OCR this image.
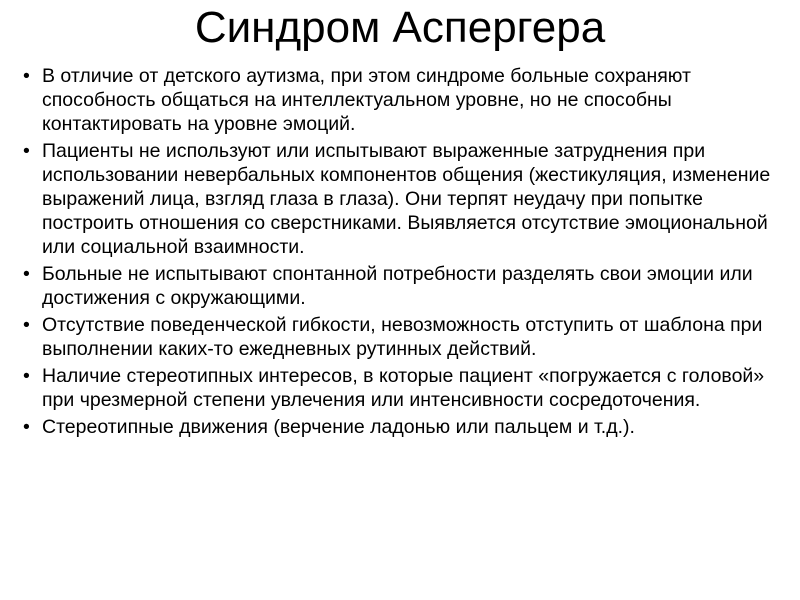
Синдром Аспергера
• В отличие от детского аутизма, при этом синдроме больные сохраняют способность общаться на интеллектуальном уровне, но не способны контактировать на уровне эмоций.
• Пациенты не используют или испытывают выраженные затруднения при использовании невербальных компонентов общения (жестикуляция, изменение выражений лица, взгляд глаза в глаза). Они терпят неудачу при попытке построить отношения со сверстниками. Выявляется отсутствие эмоциональной или социальной взаимности.
• Больные не испытывают спонтанной потребности разделять свои эмоции или достижения с окружающими.
• Отсутствие поведенческой гибкости, невозможность отступить от шаблона при выполнении каких-то ежедневных рутинных действий.
• Наличие стереотипных интересов, в которые пациент «погружается с головой» при чрезмерной степени увлечения или интенсивности сосредоточения.
• Стереотипные движения (верчение ладонью или пальцем и т.д.).
